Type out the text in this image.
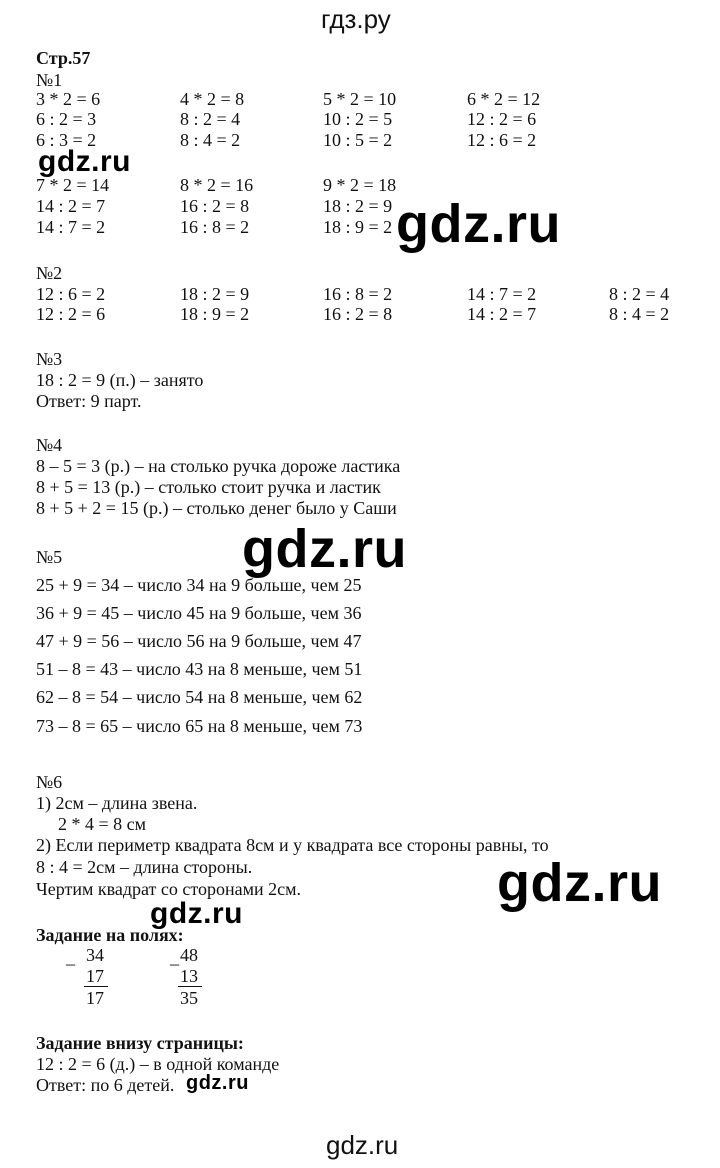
гдз.ру
Стр.57
№1
3 * 2 = 6	4 * 2 = 8	5 * 2 = 10	6 * 2 = 12
6 : 2 = 3	8 : 2 = 4	10 : 2 = 5	12 : 2 = 6
6 : 3 = 2	8 : 4 = 2	10 : 5 = 2	12 : 6 = 2
gdz.ru
7 * 2 = 14	8 * 2 = 16	9 * 2 = 18
14 : 2 = 7	16 : 2 = 8	18 : 2 = 9
14 : 7 = 2	16 : 8 = 2	18 : 9 = 2 gdz.ru
№2
12 : 6 = 2	18 : 2 = 9	16 : 8 = 2	14 : 7 = 2	8 : 2 = 4
12 : 2 = 6	18 : 9 = 2	16 : 2 = 8	14 : 2 = 7	8 : 4 = 2
№3
18 : 2 = 9 (п.) – занято
Ответ: 9 парт.
№4
8 – 5 = 3 (р.) – на столько ручка дороже ластика
8 + 5 = 13 (р.) – столько стоит ручка и ластик
8 + 5 + 2 = 15 (р.) – столько денег было у Саши
gdz.ru
№5
25 + 9 = 34 – число 34 на 9 больше, чем 25
36 + 9 = 45 – число 45 на 9 больше, чем 36
47 + 9 = 56 – число 56 на 9 больше, чем 47
51 – 8 = 43 – число 43 на 8 меньше, чем 51
62 – 8 = 54 – число 54 на 8 меньше, чем 62
73 – 8 = 65 – число 65 на 8 меньше, чем 73
№6
1) 2см – длина звена.
2 * 4 = 8 см
2) Если периметр квадрата 8см и у квадрата все стороны равны, то
8 : 4 = 2см – длина стороны.
Чертим квадрат со сторонами 2см.	gdz.ru
gdz.ru
Задание на полях:
_ 34
17
17
_ 48
13
35
Задание внизу страницы:
12 : 2 = 6 (д.) – в одной команде
Ответ: по 6 детей. gdz.ru
gdz.ru
